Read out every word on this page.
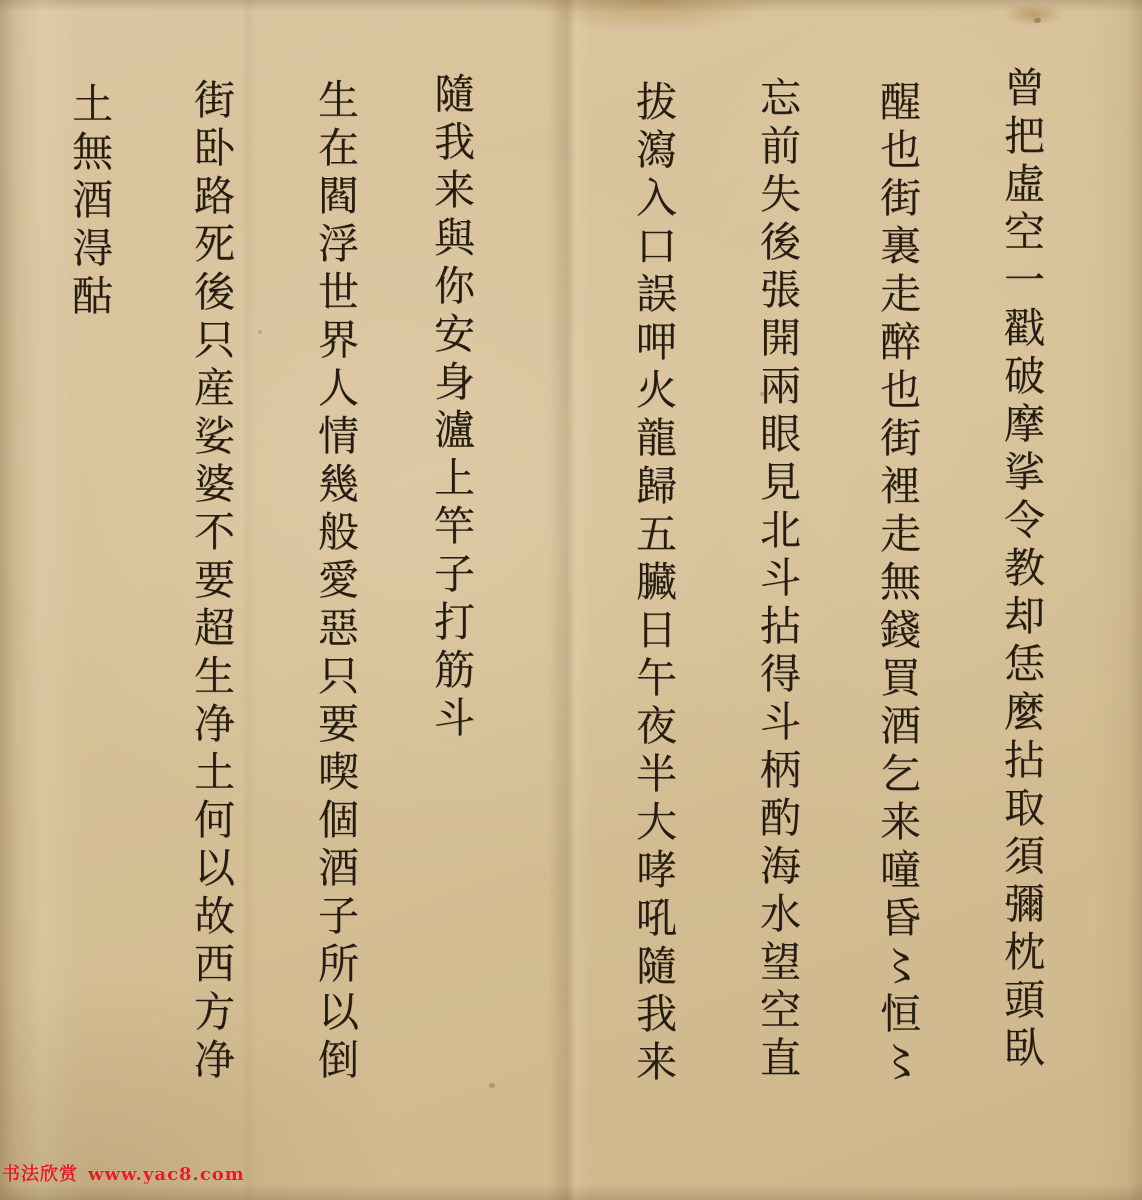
曾把虛空一戳破摩挲令教却恁麼拈取須彌枕頭臥
醒也街裏走醉也街裡走無錢買酒乞来噇昏〻恒〻
忘前失後張開兩眼見北斗拈得斗柄酌海水望空直
拔瀉入口誤呷火龍歸五臟日午夜半大哮吼隨我来
隨我来與你安身瀘上竿子打筋斗
生在閻浮世界人情幾般愛惡只要喫個酒子所以倒
街卧路死後只産娑婆不要超生净土何以故西方净
土無酒淂酤
书法欣赏 www.yac8.com
